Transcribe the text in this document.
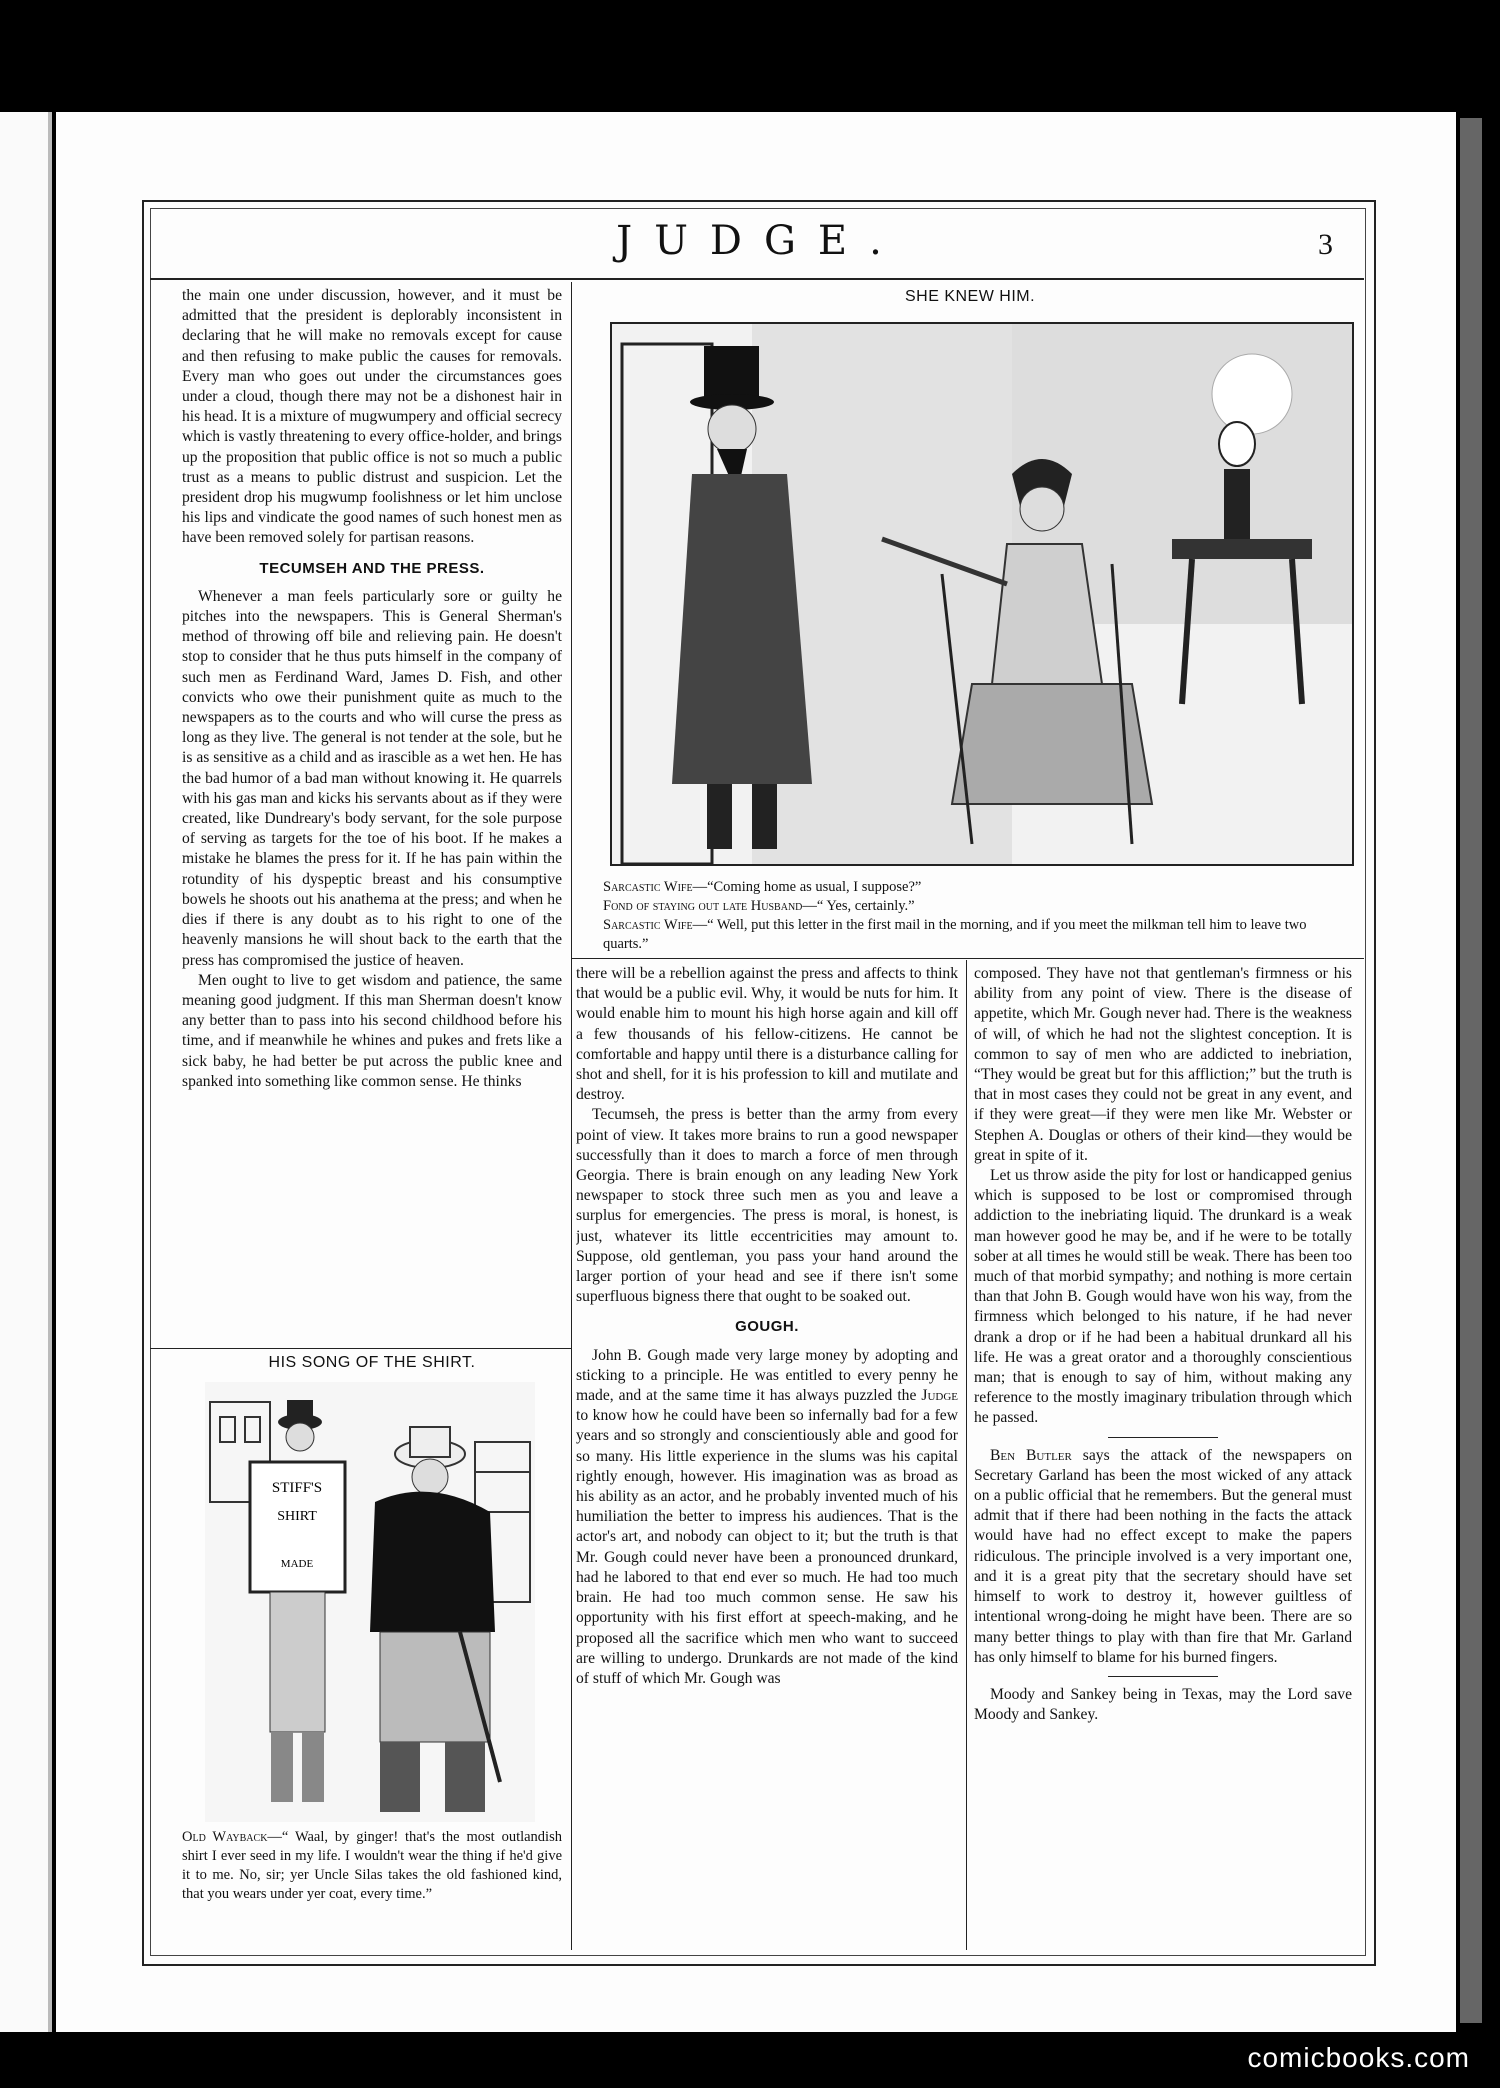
JUDGE.	3

the main one under discussion, however, and it must be admitted that the president is deplorably inconsistent in declaring that he will make no removals except for cause and then refusing to make public the causes for removals. Every man who goes out under the circumstances goes under a cloud, though there may not be a dishonest hair in his head. It is a mixture of mugwumpery and official secrecy which is vastly threatening to every office-holder, and brings up the proposition that public office is not so much a public trust as a means to public distrust and suspicion. Let the president drop his mugwump foolishness or let him unclose his lips and vindicate the good names of such honest men as have been removed solely for partisan reasons.

TECUMSEH AND THE PRESS.

Whenever a man feels particularly sore or guilty he pitches into the newspapers. This is General Sherman's method of throwing off bile and relieving pain. He doesn't stop to consider that he thus puts himself in the company of such men as Ferdinand Ward, James D. Fish, and other convicts who owe their punishment quite as much to the newspapers as to the courts and who will curse the press as long as they live. The general is not tender at the sole, but he is as sensitive as a child and as irascible as a wet hen. He has the bad humor of a bad man without knowing it. He quarrels with his gas man and kicks his servants about as if they were created, like Dundreary's body servant, for the sole purpose of serving as targets for the toe of his boot. If he makes a mistake he blames the press for it. If he has pain within the rotundity of his dyspeptic breast and his consumptive bowels he shoots out his anathema at the press; and when he dies if there is any doubt as to his right to one of the heavenly mansions he will shout back to the earth that the press has compromised the justice of heaven.

Men ought to live to get wisdom and patience, the same meaning good judgment. If this man Sherman doesn't know any better than to pass into his second childhood before his time, and if meanwhile he whines and pukes and frets like a sick baby, he had better be put across the public knee and spanked into something like common sense. He thinks

HIS SONG OF THE SHIRT.
STIFF'S
SHIRT
MADE

Old Wayback—“ Waal, by ginger! that's the most outlandish shirt I ever seed in my life. I wouldn't wear the thing if he'd give it to me. No, sir; yer Uncle Silas takes the old fashioned kind, that you wears under yer coat, every time.”

SHE KNEW HIM.

Sarcastic Wife—“Coming home as usual, I suppose?”

Fond of staying out late Husband—“ Yes, certainly.”

Sarcastic Wife—“ Well, put this letter in the first mail in the morning, and if you meet the milkman tell him to leave two quarts.”

there will be a rebellion against the press and affects to think that would be a public evil. Why, it would be nuts for him. It would enable him to mount his high horse again and kill off a few thousands of his fellow-citizens. He cannot be comfortable and happy until there is a disturbance calling for shot and shell, for it is his profession to kill and mutilate and destroy.

Tecumseh, the press is better than the army from every point of view. It takes more brains to run a good newspaper successfully than it does to march a force of men through Georgia. There is brain enough on any leading New York newspaper to stock three such men as you and leave a surplus for emergencies. The press is moral, is honest, is just, whatever its little eccentricities may amount to. Suppose, old gentleman, you pass your hand around the larger portion of your head and see if there isn't some superfluous bigness there that ought to be soaked out.

GOUGH.

John B. Gough made very large money by adopting and sticking to a principle. He was entitled to every penny he made, and at the same time it has always puzzled the Judge to know how he could have been so infernally bad for a few years and so strongly and conscientiously able and good for so many. His little experience in the slums was his capital rightly enough, however. His imagination was as broad as his ability as an actor, and he probably invented much of his humiliation the better to impress his audiences. That is the actor's art, and nobody can object to it; but the truth is that Mr. Gough could never have been a pronounced drunkard, had he labored to that end ever so much. He had too much brain. He had too much common sense. He saw his opportunity with his first effort at speech-making, and he proposed all the sacrifice which men who want to succeed are willing to undergo. Drunkards are not made of the kind of stuff of which Mr. Gough was

composed. They have not that gentleman's firmness or his ability from any point of view. There is the disease of appetite, which Mr. Gough never had. There is the weakness of will, of which he had not the slightest conception. It is common to say of men who are addicted to inebriation, “They would be great but for this affliction;” but the truth is that in most cases they could not be great in any event, and if they were great—if they were men like Mr. Webster or Stephen A. Douglas or others of their kind—they would be great in spite of it.

Let us throw aside the pity for lost or handicapped genius which is supposed to be lost or compromised through addiction to the inebriating liquid. The drunkard is a weak man however good he may be, and if he were to be totally sober at all times he would still be weak. There has been too much of that morbid sympathy; and nothing is more certain than that John B. Gough would have won his way, from the firmness which belonged to his nature, if he had never drank a drop or if he had been a habitual drunkard all his life. He was a great orator and a thoroughly conscientious man; that is enough to say of him, without making any reference to the mostly imaginary tribulation through which he passed.

Ben Butler says the attack of the newspapers on Secretary Garland has been the most wicked of any attack on a public official that he remembers. But the general must admit that if there had been nothing in the facts the attack would have had no effect except to make the papers ridiculous. The principle involved is a very important one, and it is a great pity that the secretary should have set himself to work to destroy it, however guiltless of intentional wrong-doing he might have been. There are so many better things to play with than fire that Mr. Garland has only himself to blame for his burned fingers.

Moody and Sankey being in Texas, may the Lord save Moody and Sankey.

comicbooks.com
